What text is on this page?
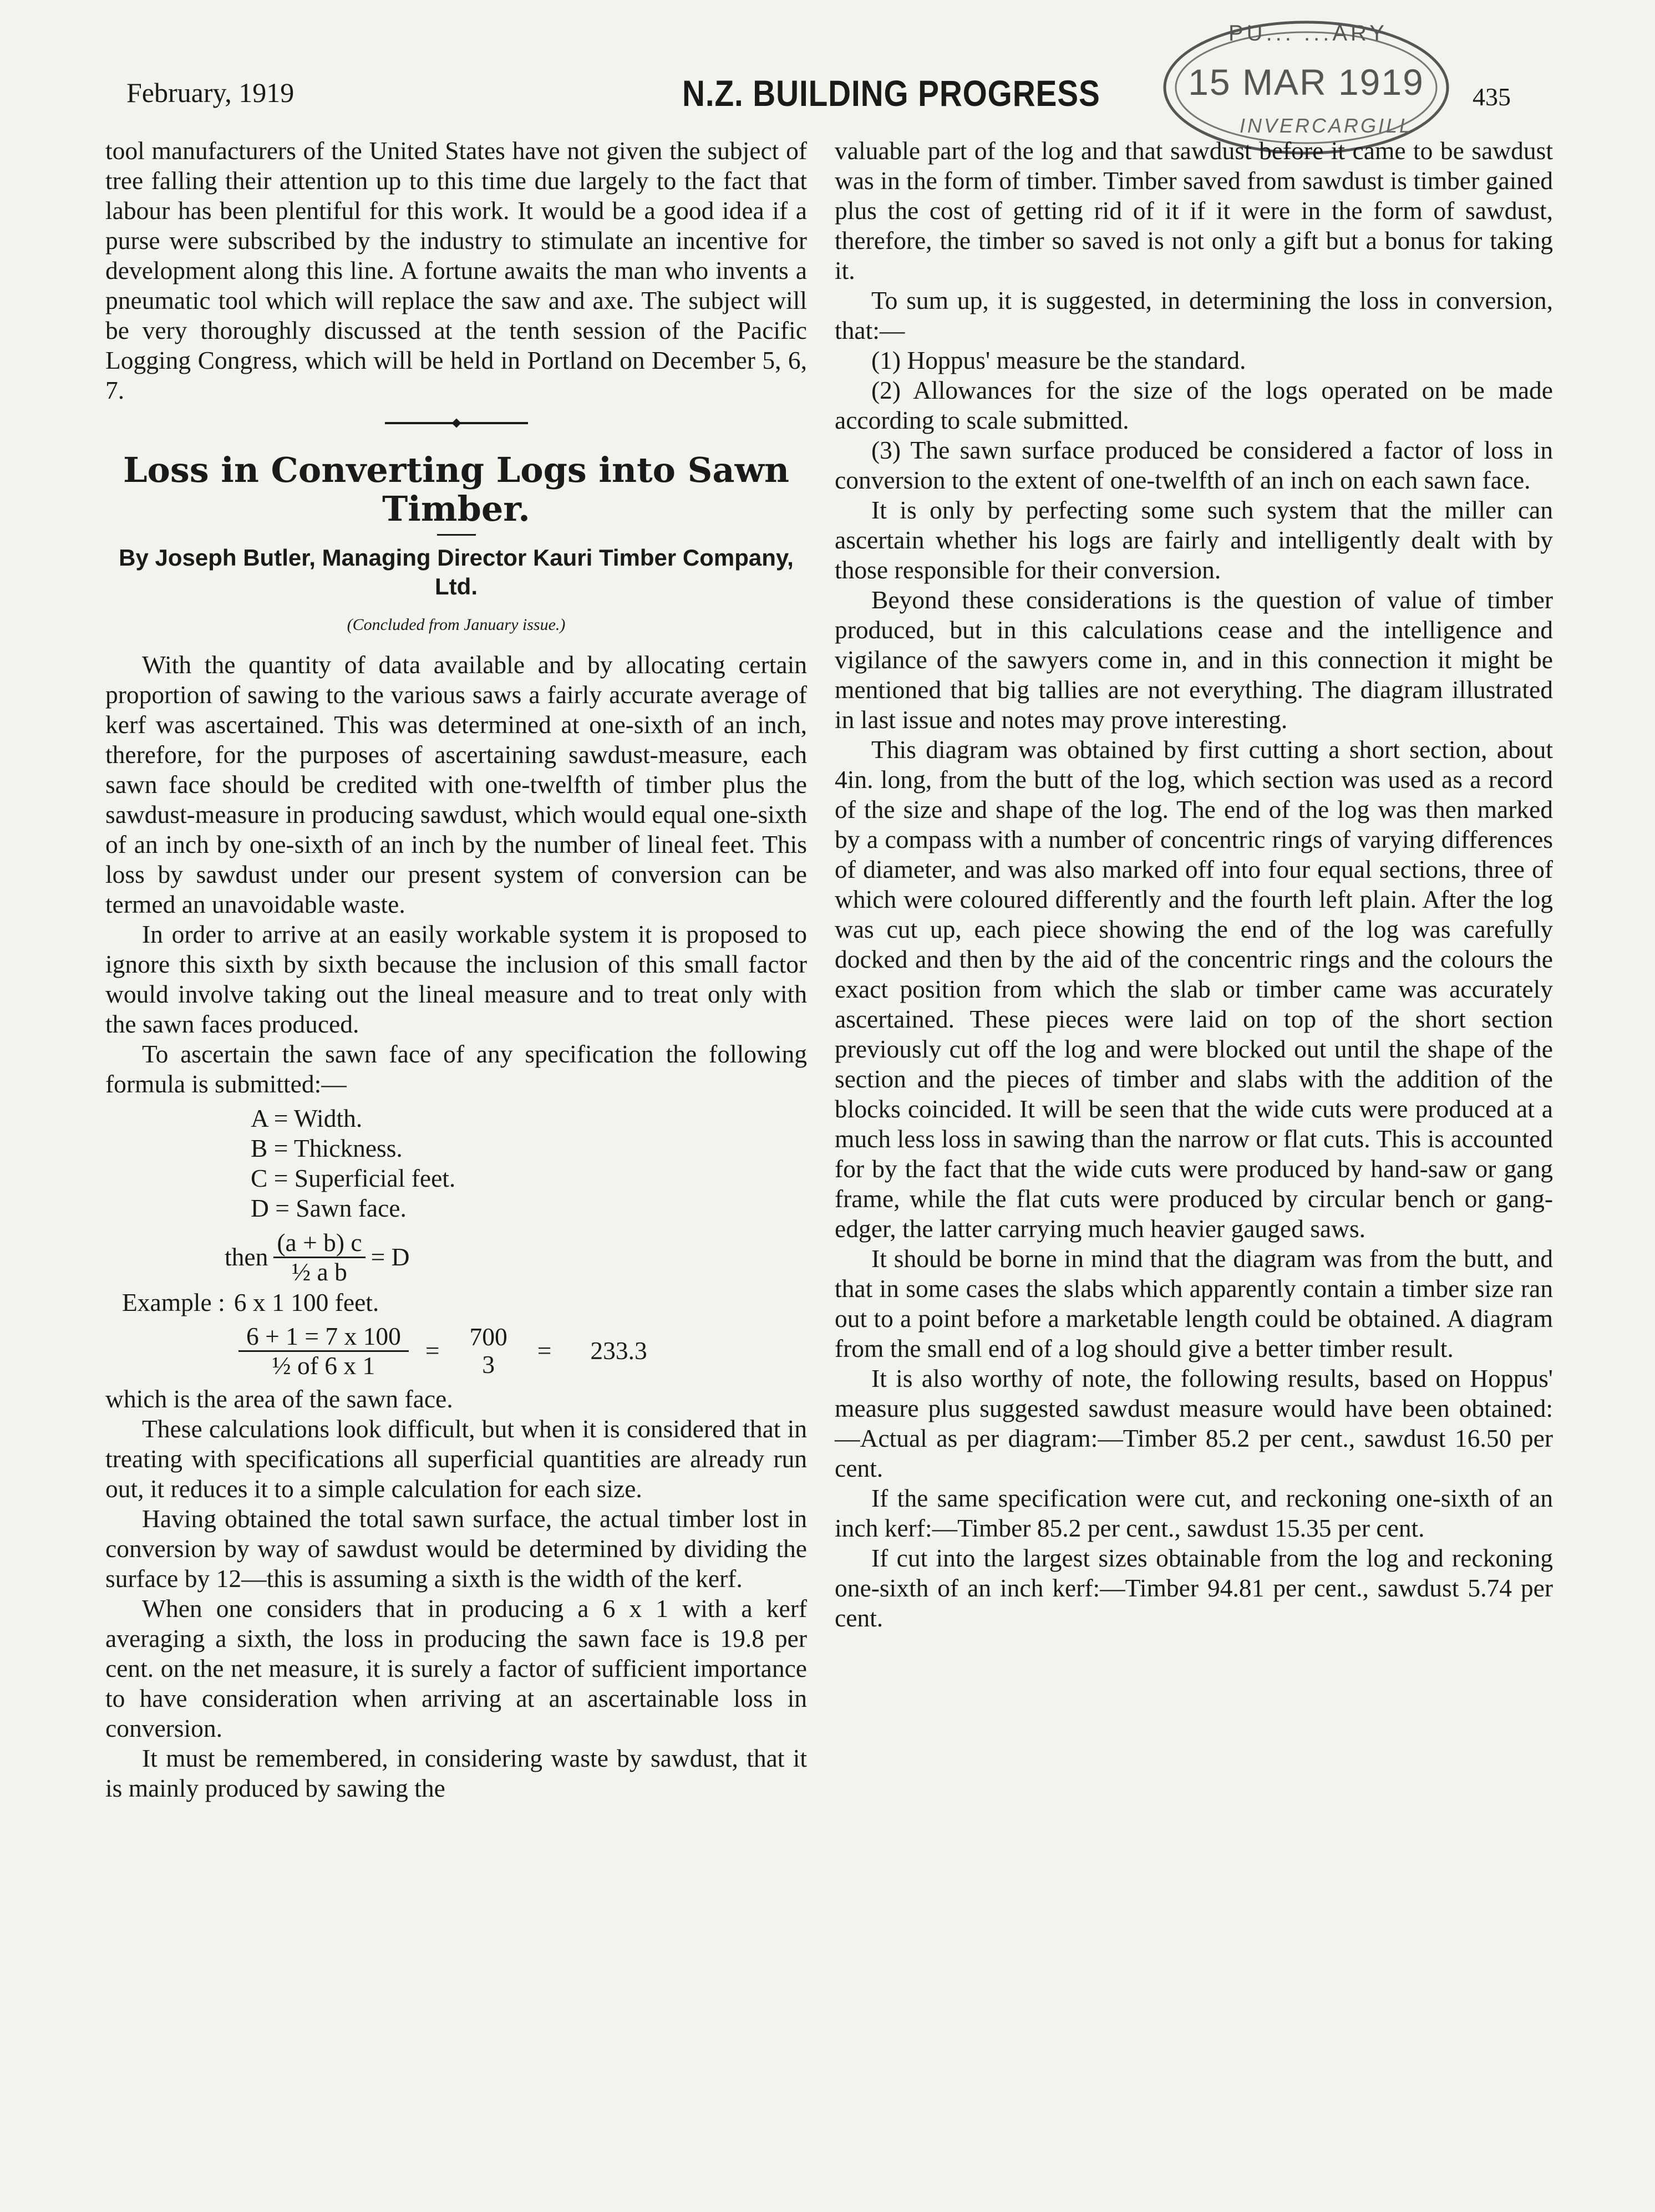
February, 1919	N.Z. BUILDING PROGRESS	435
PU... ...ARY
15 MAR 1919
INVERCARGILL

tool manufacturers of the United States have not given the subject of tree falling their attention up to this time due largely to the fact that labour has been plentiful for this work. It would be a good idea if a purse were subscribed by the industry to stimulate an incentive for development along this line. A fortune awaits the man who invents a pneumatic tool which will replace the saw and axe. The subject will be very thoroughly discussed at the tenth session of the Pacific Logging Congress, which will be held in Portland on December 5, 6, 7.

Loss in Converting Logs into Sawn Timber.
By Joseph Butler, Managing Director Kauri Timber Company, Ltd.
(Concluded from January issue.)

With the quantity of data available and by allocating certain proportion of sawing to the various saws a fairly accurate average of kerf was ascertained. This was determined at one-sixth of an inch, therefore, for the purposes of ascertaining sawdust-measure, each sawn face should be credited with one-twelfth of timber plus the sawdust-measure in producing sawdust, which would equal one-sixth of an inch by one-sixth of an inch by the number of lineal feet. This loss by sawdust under our present system of conversion can be termed an unavoidable waste.

In order to arrive at an easily workable system it is proposed to ignore this sixth by sixth because the inclusion of this small factor would involve taking out the lineal measure and to treat only with the sawn faces produced.

To ascertain the sawn face of any specification the following formula is submitted:—

A = Width.
B = Thickness.
C = Superficial feet.
D = Sawn face.
then $\frac{(a + b) c}{\text{½ a b}} = D$
Example : 6 x 1 100 feet.
$\frac{6 + 1 = 7 x 100}{\text{½ of 6 x 1}}$ =	700
3 = 233.3

which is the area of the sawn face.

These calculations look difficult, but when it is considered that in treating with specifications all superficial quantities are already run out, it reduces it to a simple calculation for each size.

Having obtained the total sawn surface, the actual timber lost in conversion by way of sawdust would be determined by dividing the surface by 12—this is assuming a sixth is the width of the kerf.

When one considers that in producing a 6 x 1 with a kerf averaging a sixth, the loss in producing the sawn face is 19.8 per cent. on the net measure, it is surely a factor of sufficient importance to have consideration when arriving at an ascertainable loss in conversion.

It must be remembered, in considering waste by sawdust, that it is mainly produced by sawing the

valuable part of the log and that sawdust before it came to be sawdust was in the form of timber. Timber saved from sawdust is timber gained plus the cost of getting rid of it if it were in the form of sawdust, therefore, the timber so saved is not only a gift but a bonus for taking it.

To sum up, it is suggested, in determining the loss in conversion, that:—

(1) Hoppus' measure be the standard.

(2) Allowances for the size of the logs operated on be made according to scale submitted.

(3) The sawn surface produced be considered a factor of loss in conversion to the extent of one-twelfth of an inch on each sawn face.

It is only by perfecting some such system that the miller can ascertain whether his logs are fairly and intelligently dealt with by those responsible for their conversion.

Beyond these considerations is the question of value of timber produced, but in this calculations cease and the intelligence and vigilance of the sawyers come in, and in this connection it might be mentioned that big tallies are not everything. The diagram illustrated in last issue and notes may prove interesting.

This diagram was obtained by first cutting a short section, about 4in. long, from the butt of the log, which section was used as a record of the size and shape of the log. The end of the log was then marked by a compass with a number of concentric rings of varying differences of diameter, and was also marked off into four equal sections, three of which were coloured differently and the fourth left plain. After the log was cut up, each piece showing the end of the log was carefully docked and then by the aid of the concentric rings and the colours the exact position from which the slab or timber came was accurately ascertained. These pieces were laid on top of the short section previously cut off the log and were blocked out until the shape of the section and the pieces of timber and slabs with the addition of the blocks coincided. It will be seen that the wide cuts were produced at a much less loss in sawing than the narrow or flat cuts. This is accounted for by the fact that the wide cuts were produced by hand-saw or gang frame, while the flat cuts were produced by circular bench or gang-edger, the latter carrying much heavier gauged saws.

It should be borne in mind that the diagram was from the butt, and that in some cases the slabs which apparently contain a timber size ran out to a point before a marketable length could be obtained. A diagram from the small end of a log should give a better timber result.

It is also worthy of note, the following results, based on Hoppus' measure plus suggested sawdust measure would have been obtained:—Actual as per diagram:—Timber 85.2 per cent., sawdust 16.50 per cent.

If the same specification were cut, and reckoning one-sixth of an inch kerf:—Timber 85.2 per cent., sawdust 15.35 per cent.

If cut into the largest sizes obtainable from the log and reckoning one-sixth of an inch kerf:—Timber 94.81 per cent., sawdust 5.74 per cent.
